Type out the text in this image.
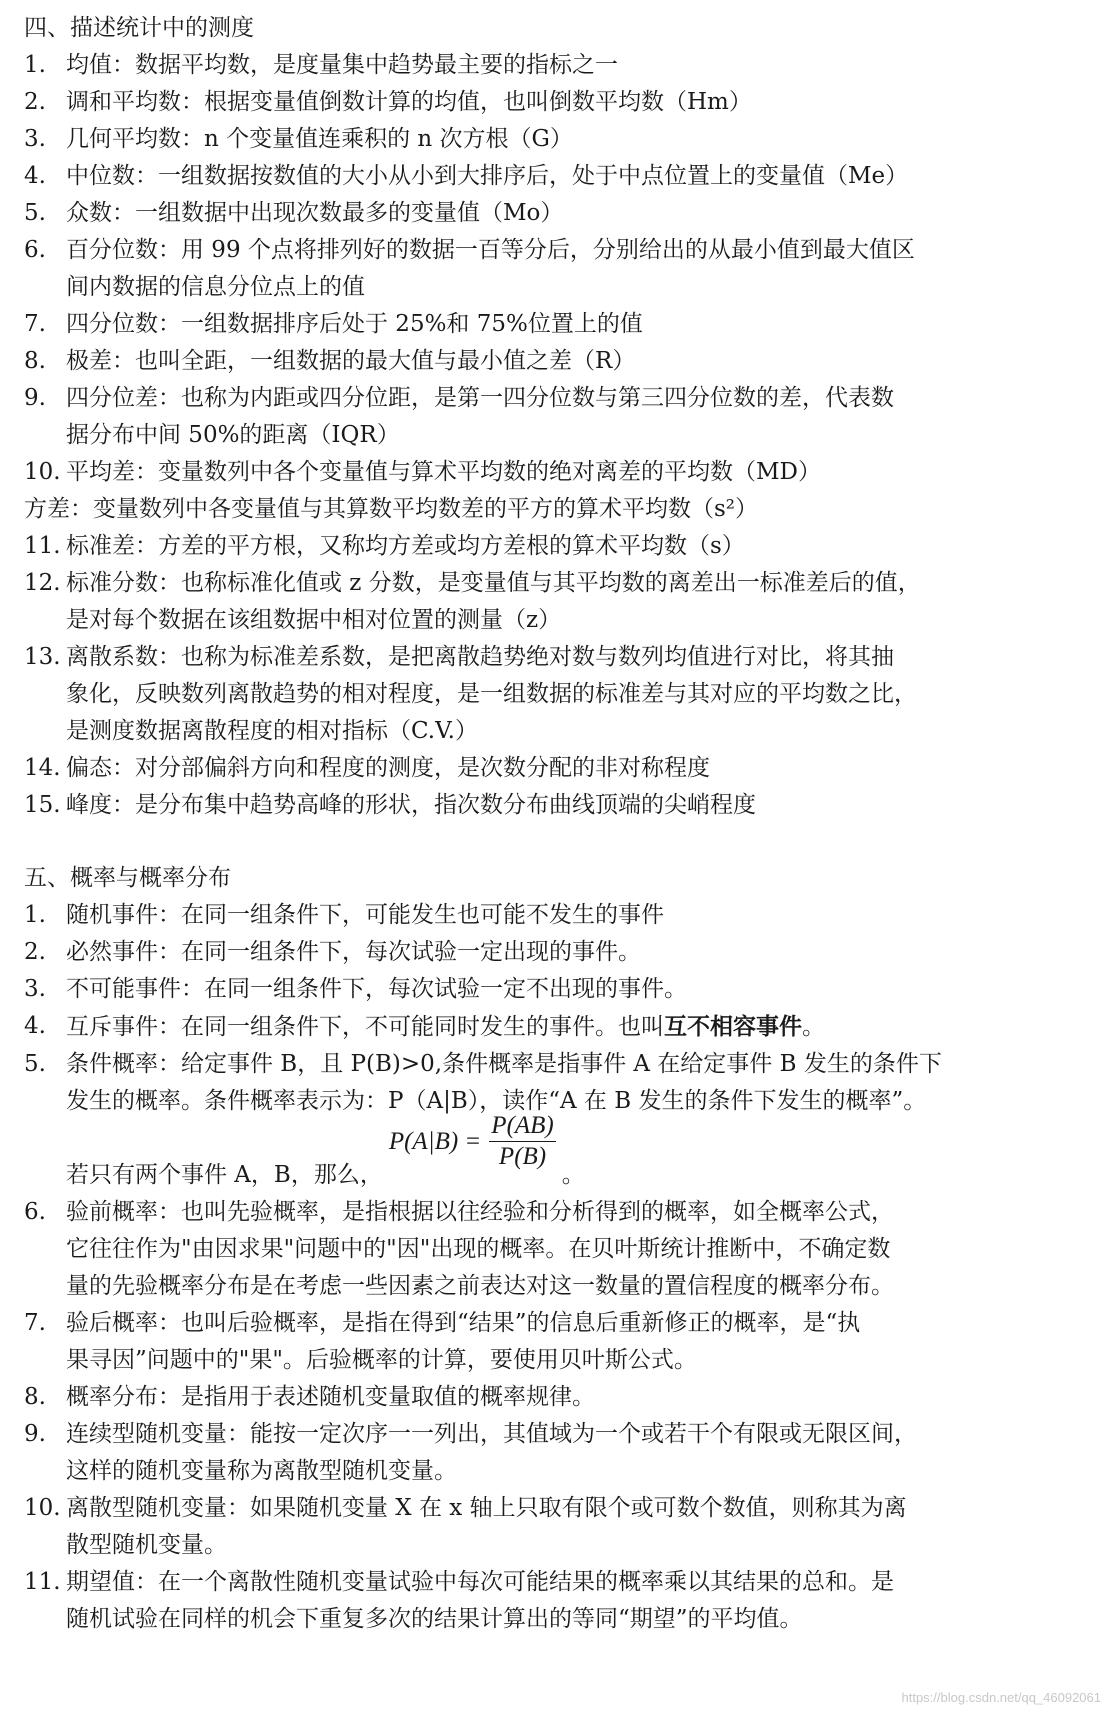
四、描述统计中的测度
1. 均值：数据平均数，是度量集中趋势最主要的指标之一
2. 调和平均数：根据变量值倒数计算的均值，也叫倒数平均数（Hm）
3. 几何平均数：n 个变量值连乘积的 n 次方根（G）
4. 中位数：一组数据按数值的大小从小到大排序后，处于中点位置上的变量值（Me）
5. 众数：一组数据中出现次数最多的变量值（Mo）
6. 百分位数：用 99 个点将排列好的数据一百等分后，分别给出的从最小值到最大值区
间内数据的信息分位点上的值
7. 四分位数：一组数据排序后处于 25%和 75%位置上的值
8. 极差：也叫全距，一组数据的最大值与最小值之差（R）
9. 四分位差：也称为内距或四分位距，是第一四分位数与第三四分位数的差，代表数
据分布中间 50%的距离（IQR）
10. 平均差：变量数列中各个变量值与算术平均数的绝对离差的平均数（MD）
方差：变量数列中各变量值与其算数平均数差的平方的算术平均数（s²）
11. 标准差：方差的平方根，又称均方差或均方差根的算术平均数（s）
12. 标准分数：也称标准化值或 z 分数，是变量值与其平均数的离差出一标准差后的值，
是对每个数据在该组数据中相对位置的测量（z）
13. 离散系数：也称为标准差系数，是把离散趋势绝对数与数列均值进行对比，将其抽
象化，反映数列离散趋势的相对程度，是一组数据的标准差与其对应的平均数之比，
是测度数据离散程度的相对指标（C.V.）
14. 偏态：对分部偏斜方向和程度的测度，是次数分配的非对称程度
15. 峰度：是分布集中趋势高峰的形状，指次数分布曲线顶端的尖峭程度
五、概率与概率分布
1. 随机事件：在同一组条件下，可能发生也可能不发生的事件
2. 必然事件：在同一组条件下，每次试验一定出现的事件。
3. 不可能事件：在同一组条件下，每次试验一定不出现的事件。
4. 互斥事件：在同一组条件下，不可能同时发生的事件。也叫互不相容事件。
5. 条件概率：给定事件 B，且 P(B)>0,条件概率是指事件 A 在给定事件 B 发生的条件下
发生的概率。条件概率表示为：P（A|B），读作“A 在 B 发生的条件下发生的概率”。
若只有两个事件 A，B，那么，
$P(A|B) = \frac{P(AB)}{P(B)}$
。
6. 验前概率：也叫先验概率，是指根据以往经验和分析得到的概率，如全概率公式，
它往往作为"由因求果"问题中的"因"出现的概率。在贝叶斯统计推断中，不确定数
量的先验概率分布是在考虑一些因素之前表达对这一数量的置信程度的概率分布。
7. 验后概率：也叫后验概率，是指在得到“结果”的信息后重新修正的概率，是“执
果寻因”问题中的"果"。后验概率的计算，要使用贝叶斯公式。
8. 概率分布：是指用于表述随机变量取值的概率规律。
9. 连续型随机变量：能按一定次序一一列出，其值域为一个或若干个有限或无限区间，
这样的随机变量称为离散型随机变量。
10. 离散型随机变量：如果随机变量 X 在 x 轴上只取有限个或可数个数值，则称其为离
散型随机变量。
11. 期望值：在一个离散性随机变量试验中每次可能结果的概率乘以其结果的总和。是
随机试验在同样的机会下重复多次的结果计算出的等同“期望”的平均值。
https://blog.csdn.net/qq_46092061
